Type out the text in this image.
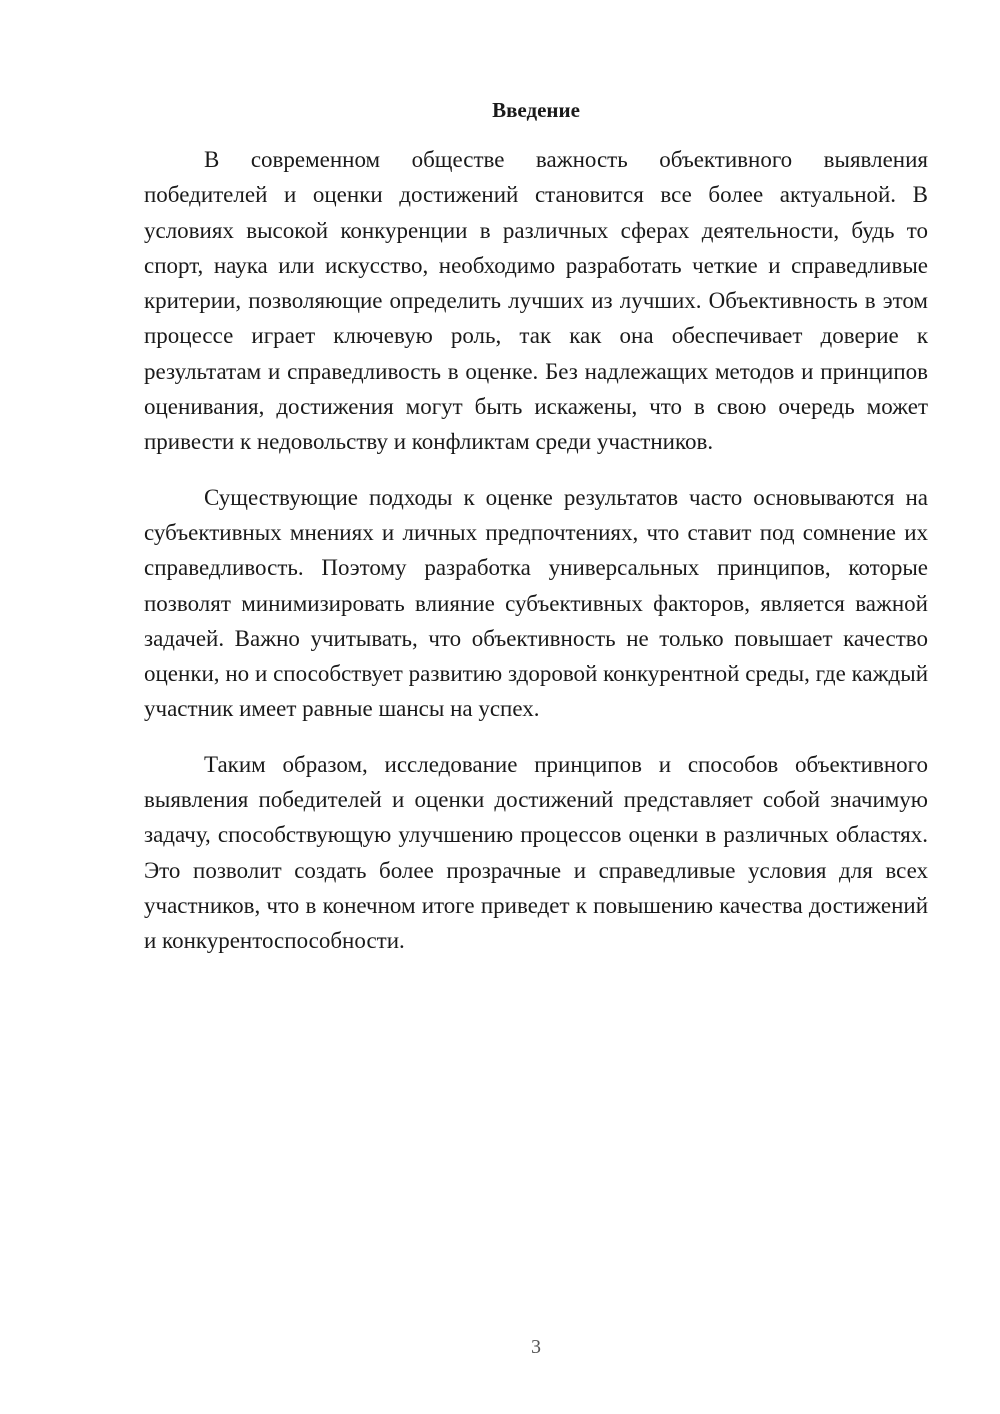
Введение

В современном обществе важность объективного выявления победителей и оценки достижений становится все более актуальной. В условиях высокой конкуренции в различных сферах деятельности, будь то спорт, наука или искусство, необходимо разработать четкие и справедливые критерии, позволяющие определить лучших из лучших. Объективность в этом процессе играет ключевую роль, так как она обеспечивает доверие к результатам и справедливость в оценке. Без надлежащих методов и принципов оценивания, достижения могут быть искажены, что в свою очередь может привести к недовольству и конфликтам среди участников.

Существующие подходы к оценке результатов часто основываются на субъективных мнениях и личных предпочтениях, что ставит под сомнение их справедливость. Поэтому разработка универсальных принципов, которые позволят минимизировать влияние субъективных факторов, является важной задачей. Важно учитывать, что объективность не только повышает качество оценки, но и способствует развитию здоровой конкурентной среды, где каждый участник имеет равные шансы на успех.

Таким образом, исследование принципов и способов объективного выявления победителей и оценки достижений представляет собой значимую задачу, способствующую улучшению процессов оценки в различных областях. Это позволит создать более прозрачные и справедливые условия для всех участников, что в конечном итоге приведет к повышению качества достижений и конкурентоспособности.

3
